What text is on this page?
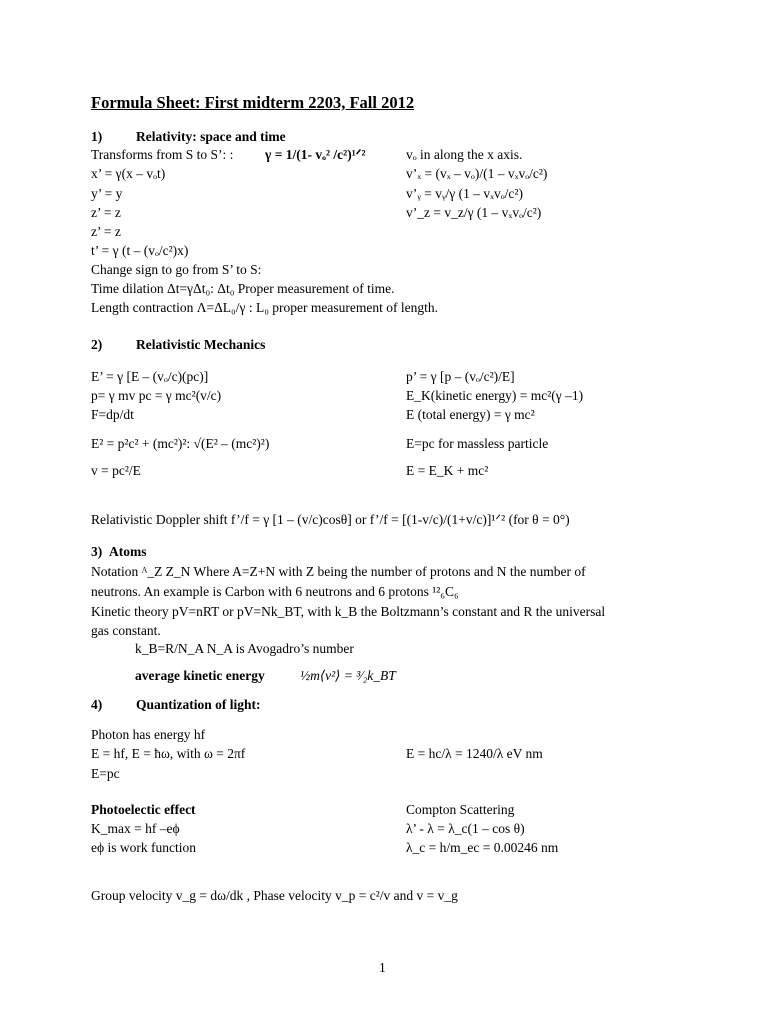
Formula Sheet: First midterm 2203, Fall 2012
1)	Relativity: space and time
Transforms from S to S’: : γ = 1/(1- vₒ² /c²)¹ᐟ²	vₒ in along the x axis.
x’ = γ(x – vₒt)	v’ₓ = (vₓ – vₒ)/(1 – vₓvₒ/c²)
y’ = y	v’ᵧ = vᵧ/γ (1 – vₓvₒ/c²)
z’ = z	v’_z = v_z/γ (1 – vₓvₒ/c²)
z’ = z
t’ = γ (t – (vₒ/c²)x)
Change sign to go from S’ to S:
Time dilation Δt=γΔt₀: Δt₀ Proper measurement of time.
Length contraction Λ=ΔL₀/γ : L₀ proper measurement of length.
2)	Relativistic Mechanics
E’ = γ [E – (vₒ/c)(pc)]	p’ = γ [p – (vₒ/c²)/E]
p= γ mv pc = γ mc²(v/c)	E_K(kinetic energy) = mc²(γ –1)
F=dp/dt	E (total energy) = γ mc²
E² = p²c² + (mc²)²: √(E² – (mc²)²)	E=pc for massless particle
v = pc²/E	E = E_K + mc²
Relativistic Doppler shift f’/f = γ [1 – (v/c)cosθ] or f’/f = [(1-v/c)/(1+v/c)]¹ᐟ² (for θ = 0°)
3) Atoms
Notation ᴬ_Z Z_N Where A=Z+N with Z being the number of protons and N the number of
neutrons. An example is Carbon with 6 neutrons and 6 protons ¹²₆C₆
Kinetic theory pV=nRT or pV=Nk_BT, with k_B the Boltzmann’s constant and R the universal
gas constant.
k_B=R/N_A N_A is Avogadro’s number
average kinetic energy	½m⟨v²⟩ = ³⁄₂k_BT
4)	Quantization of light:
Photon has energy hf
E = hf, E = ħω, with ω = 2πf	E = hc/λ = 1240/λ eV nm
E=pc
Photoelectic effect	Compton Scattering
K_max = hf –eϕ	λ’ - λ = λ_c(1 – cos θ)
eϕ is work function	λ_c = h/m_ec = 0.00246 nm
Group velocity v_g = dω/dk , Phase velocity v_p = c²/v and v = v_g
1
